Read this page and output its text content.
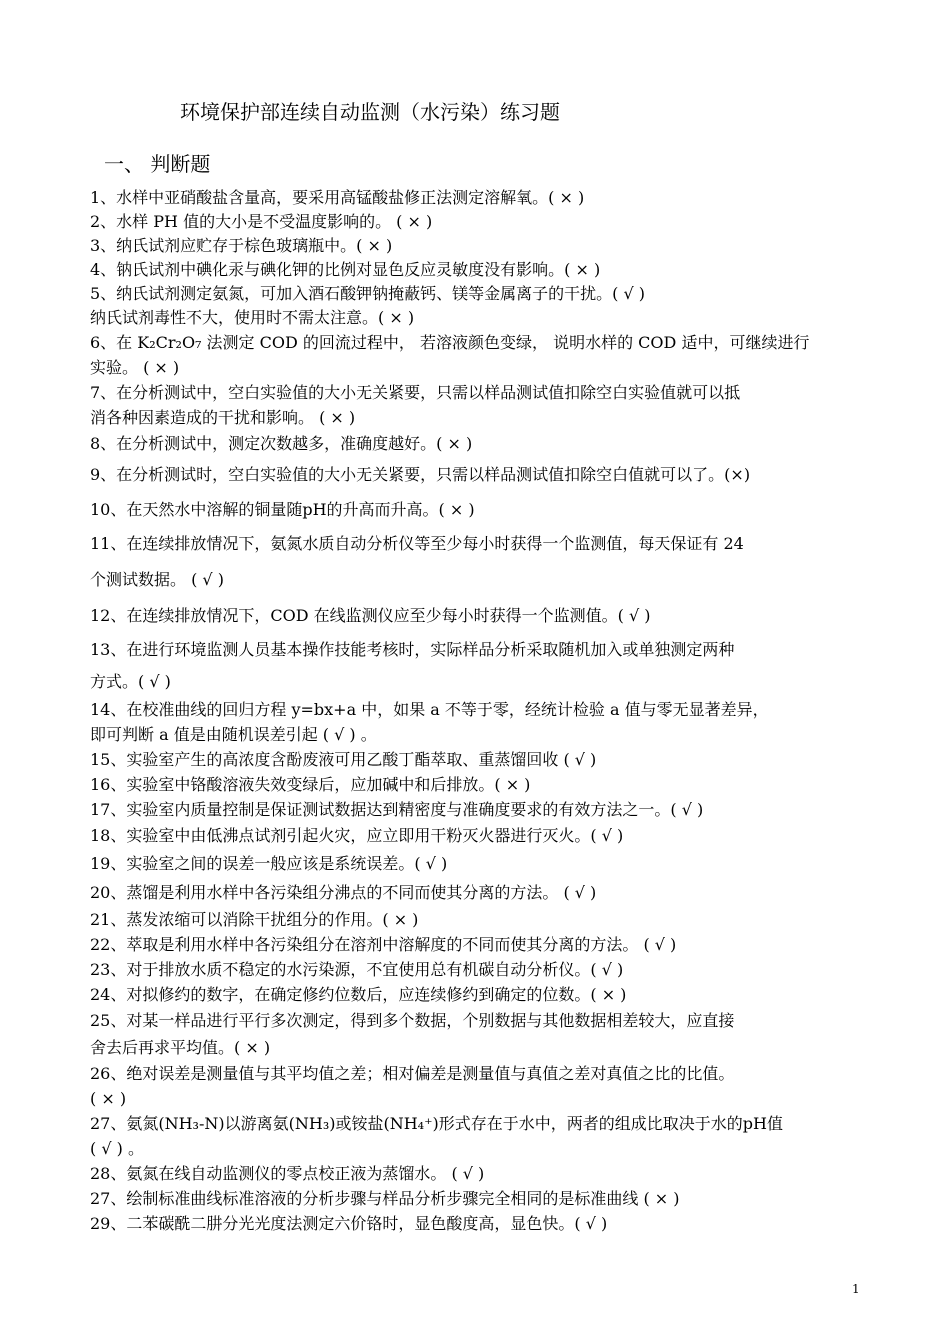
环境保护部连续自动监测（水污染）练习题
一、 判断题
1、水样中亚硝酸盐含量高，要采用高锰酸盐修正法测定溶解氧。( × )
2、水样 PH 值的大小是不受温度影响的。 ( × )
3、纳氏试剂应贮存于棕色玻璃瓶中。( × )
4、钠氏试剂中碘化汞与碘化钾的比例对显色反应灵敏度没有影响。( × )
5、纳氏试剂测定氨氮，可加入酒石酸钾钠掩蔽钙、镁等金属离子的干扰。( √ )
纳氏试剂毒性不大，使用时不需太注意。( × )
6、在 K₂Cr₂O₇ 法测定 COD 的回流过程中， 若溶液颜色变绿， 说明水样的 COD 适中，可继续进行
实验。 ( × )
7、在分析测试中，空白实验值的大小无关紧要，只需以样品测试值扣除空白实验值就可以抵
消各种因素造成的干扰和影响。 ( × )
8、在分析测试中，测定次数越多，准确度越好。( × )
9、在分析测试时，空白实验值的大小无关紧要，只需以样品测试值扣除空白值就可以了。(×)
10、在天然水中溶解的铜量随pH的升高而升高。( × )
11、在连续排放情况下，氨氮水质自动分析仪等至少每小时获得一个监测值，每天保证有 24
个测试数据。 ( √ )
12、在连续排放情况下，COD 在线监测仪应至少每小时获得一个监测值。( √ )
13、在进行环境监测人员基本操作技能考核时，实际样品分析采取随机加入或单独测定两种
方式。( √ )
14、在校准曲线的回归方程 y=bx+a 中，如果 a 不等于零，经统计检验 a 值与零无显著差异，
即可判断 a 值是由随机误差引起 ( √ ) 。
15、实验室产生的高浓度含酚废液可用乙酸丁酯萃取、重蒸馏回收 ( √ )
16、实验室中铬酸溶液失效变绿后，应加碱中和后排放。( × )
17、实验室内质量控制是保证测试数据达到精密度与准确度要求的有效方法之一。( √ )
18、实验室中由低沸点试剂引起火灾，应立即用干粉灭火器进行灭火。( √ )
19、实验室之间的误差一般应该是系统误差。( √ )
20、蒸馏是利用水样中各污染组分沸点的不同而使其分离的方法。 ( √ )
21、蒸发浓缩可以消除干扰组分的作用。( × )
22、萃取是利用水样中各污染组分在溶剂中溶解度的不同而使其分离的方法。 ( √ )
23、对于排放水质不稳定的水污染源，不宜使用总有机碳自动分析仪。( √ )
24、对拟修约的数字，在确定修约位数后，应连续修约到确定的位数。( × )
25、对某一样品进行平行多次测定，得到多个数据，个别数据与其他数据相差较大，应直接
舍去后再求平均值。( × )
26、绝对误差是测量值与其平均值之差；相对偏差是测量值与真值之差对真值之比的比值。
( × )
27、氨氮(NH₃-N)以游离氨(NH₃)或铵盐(NH₄⁺)形式存在于水中，两者的组成比取决于水的pH值
( √ ) 。
28、氨氮在线自动监测仪的零点校正液为蒸馏水。 ( √ )
27、绘制标准曲线标准溶液的分析步骤与样品分析步骤完全相同的是标准曲线 ( × )
29、二苯碳酰二肼分光光度法测定六价铬时，显色酸度高，显色快。( √ )
1
